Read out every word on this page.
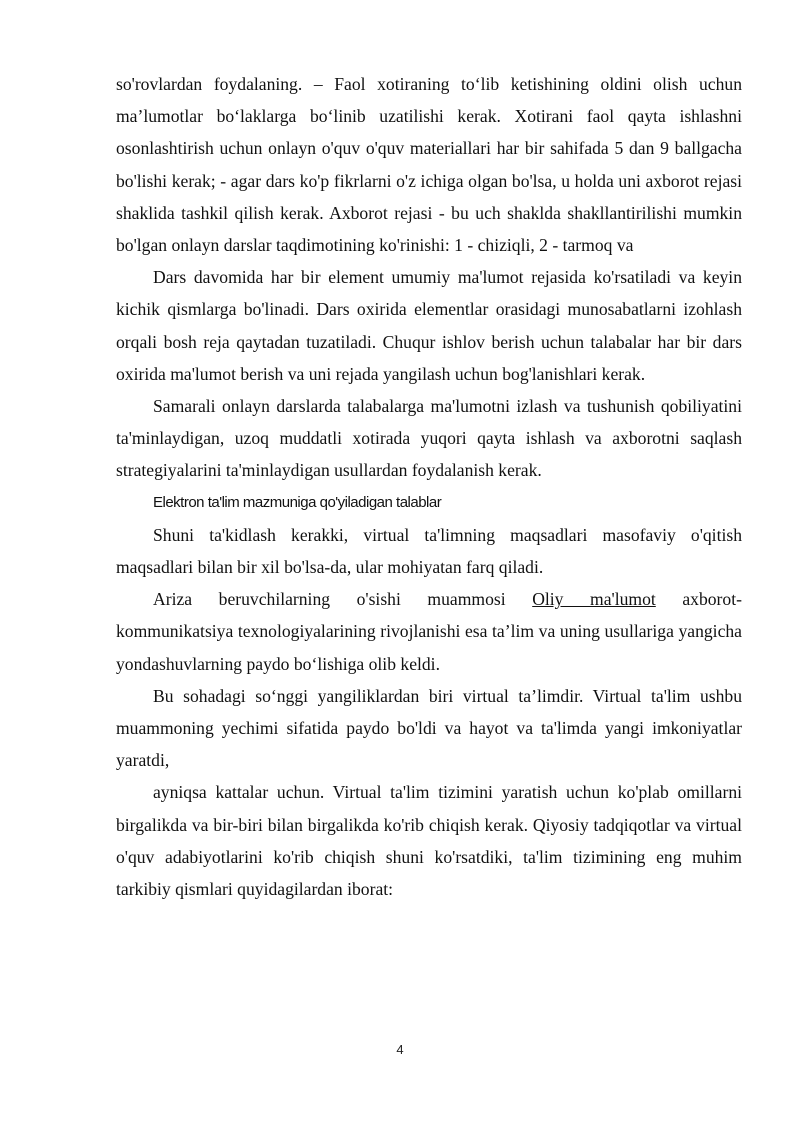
so'rovlardan foydalaning. – Faol xotiraning to‘lib ketishining oldini olish uchun ma’lumotlar bo‘laklarga bo‘linib uzatilishi kerak. Xotirani faol qayta ishlashni osonlashtirish uchun onlayn o'quv o'quv materiallari har bir sahifada 5 dan 9 ballgacha bo'lishi kerak; - agar dars ko'p fikrlarni o'z ichiga olgan bo'lsa, u holda uni axborot rejasi shaklida tashkil qilish kerak. Axborot rejasi - bu uch shaklda shakllantirilishi mumkin bo'lgan onlayn darslar taqdimotining ko'rinishi: 1 - chiziqli, 2 - tarmoq va

Dars davomida har bir element umumiy ma'lumot rejasida ko'rsatiladi va keyin kichik qismlarga bo'linadi. Dars oxirida elementlar orasidagi munosabatlarni izohlash orqali bosh reja qaytadan tuzatiladi. Chuqur ishlov berish uchun talabalar har bir dars oxirida ma'lumot berish va uni rejada yangilash uchun bog'lanishlari kerak.

Samarali onlayn darslarda talabalarga ma'lumotni izlash va tushunish qobiliyatini ta'minlaydigan, uzoq muddatli xotirada yuqori qayta ishlash va axborotni saqlash strategiyalarini ta'minlaydigan usullardan foydalanish kerak.

Elektron ta'lim mazmuniga qo'yiladigan talablar

Shuni ta'kidlash kerakki, virtual ta'limning maqsadlari masofaviy o'qitish maqsadlari bilan bir xil bo'lsa-da, ular mohiyatan farq qiladi.

Ariza beruvchilarning o'sishi muammosi Oliy ma'lumot axborot-

kommunikatsiya texnologiyalarining rivojlanishi esa ta’lim va uning usullariga yangicha yondashuvlarning paydo bo‘lishiga olib keldi.

Bu sohadagi so‘nggi yangiliklardan biri virtual ta’limdir. Virtual ta'lim ushbu muammoning yechimi sifatida paydo bo'ldi va hayot va ta'limda yangi imkoniyatlar yaratdi,

ayniqsa kattalar uchun. Virtual ta'lim tizimini yaratish uchun ko'plab omillarni birgalikda va bir-biri bilan birgalikda ko'rib chiqish kerak. Qiyosiy tadqiqotlar va virtual o'quv adabiyotlarini ko'rib chiqish shuni ko'rsatdiki, ta'lim tizimining eng muhim tarkibiy qismlari quyidagilardan iborat:

4
